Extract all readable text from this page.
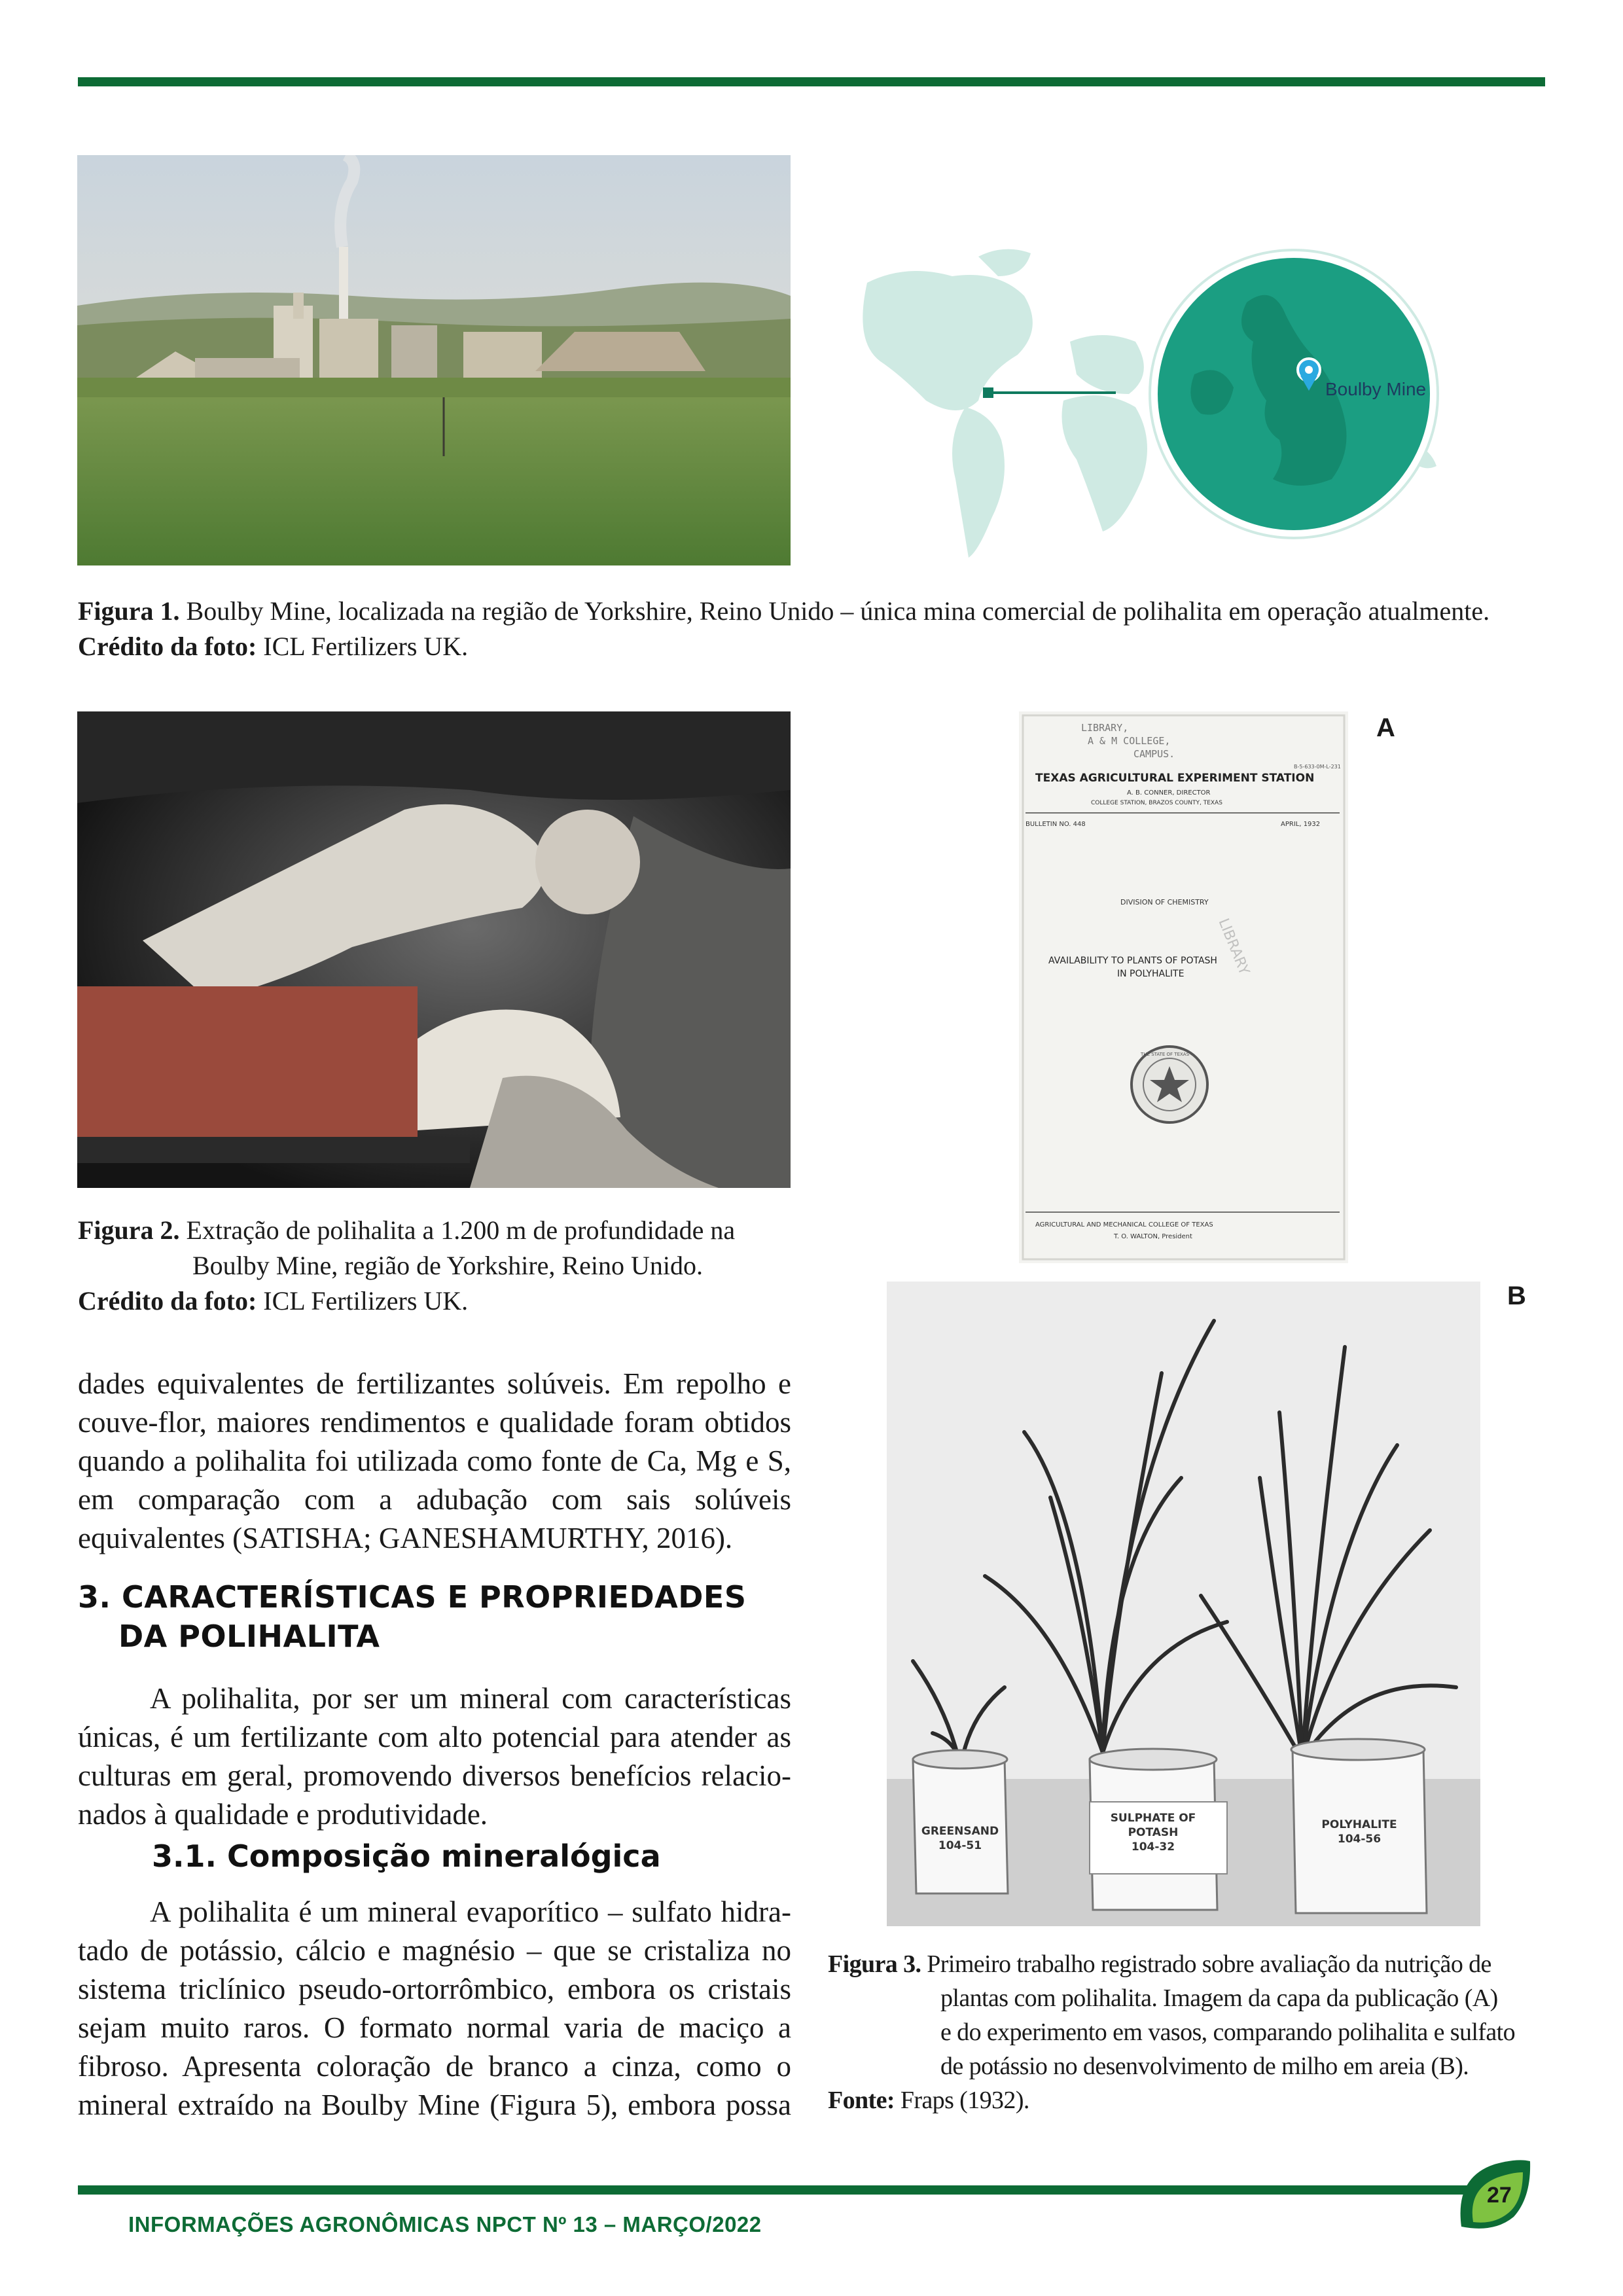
Boulby Mine
Figura 1. Boulby Mine, localizada na região de Yorkshire, Reino Unido – única mina comercial de polihalita em operação atualmente.
Crédito da foto: ICL Fertilizers UK.
Figura 2. Extração de polihalita a 1.200 m de profundidade na
Boulby Mine, região de Yorkshire, Reino Unido.
Crédito da foto: ICL Fertilizers UK.
LIBRARY,
A & M COLLEGE,
CAMPUS.
B-5-633-0M-L-231
TEXAS AGRICULTURAL EXPERIMENT STATION
A. B. CONNER, DIRECTOR
COLLEGE STATION, BRAZOS COUNTY, TEXAS
BULLETIN NO. 448	APRIL, 1932
DIVISION OF CHEMISTRY
AVAILABILITY TO PLANTS OF POTASH
IN POLYHALITE LIBRARY
THE STATE OF TEXAS
AGRICULTURAL AND MECHANICAL COLLEGE OF TEXAS
T. O. WALTON, President
A
GREENSAND
104-51
SULPHATE OF
POTASH
104-32
POLYHALITE
104-56
B
Figura 3. Primeiro trabalho registrado sobre avaliação da nutrição de
plantas com polihalita. Imagem da capa da publicação (A)
e do experimento em vasos, comparando polihalita e sulfato
de potássio no desenvolvimento de milho em areia (B).
Fonte: Fraps (1932).

dades equivalentes de fertilizantes solúveis. Em repolho e couve-flor, maiores rendimentos e qualidade foram obtidos quando a polihalita foi utilizada como fonte de Ca, Mg e S, em comparação com a adubação com sais solúveis equivalentes (SATISHA; GANESHAMURTHY, 2016).

3. CARACTERÍSTICAS E PROPRIEDADES
DA POLIHALITA

A polihalita, por ser um mineral com características únicas, é um fertilizante com alto potencial para atender as culturas em geral, promovendo diversos benefícios relacio-nados à qualidade e produtividade.

3.1. Composição mineralógica

A polihalita é um mineral evaporítico – sulfato hidra-tado de potássio, cálcio e magnésio – que se cristaliza no sistema triclínico pseudo-ortorrômbico, embora os cristais sejam muito raros. O formato normal varia de maciço a fibroso. Apresenta coloração de branco a cinza, como o mineral extraído na Boulby Mine (Figura 5), embora possa

INFORMAÇÕES AGRONÔMICAS NPCT Nº 13 – MARÇO/2022
27
